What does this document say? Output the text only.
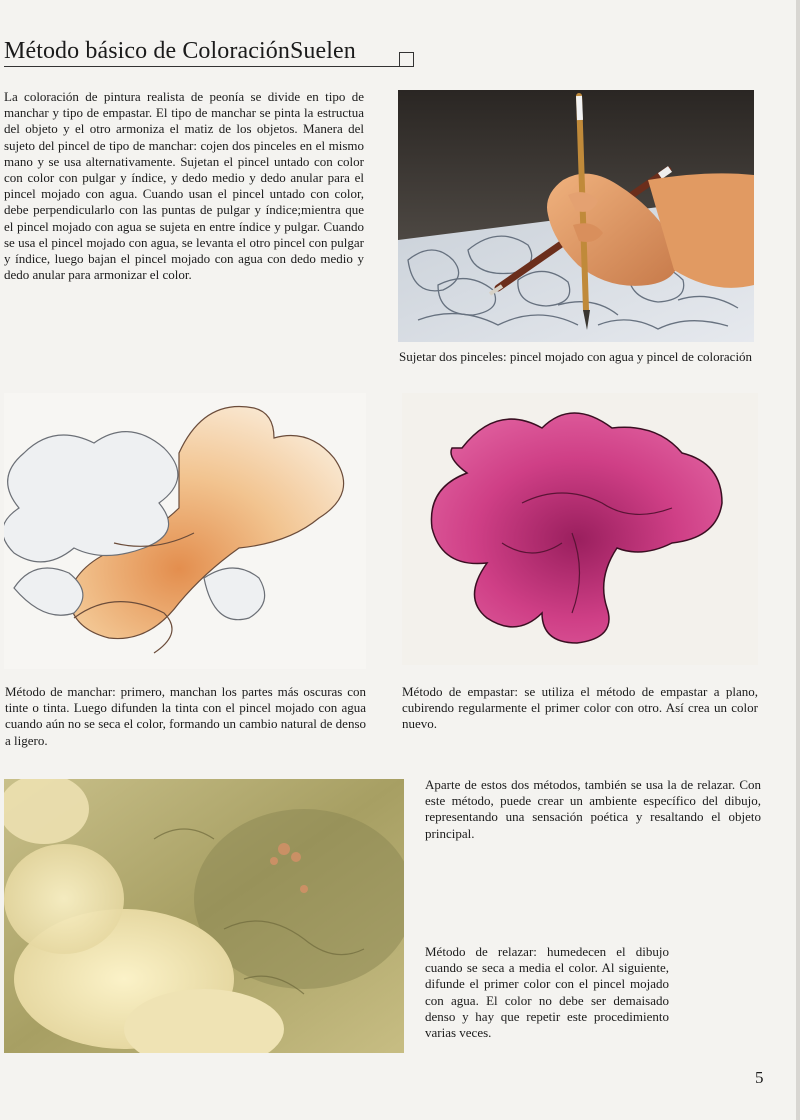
Método básico de ColoraciónSuelen

La coloración de pintura realista de peonía se divide en tipo de manchar y tipo de empastar. El tipo de manchar se pinta la estructua del objeto y el otro armoniza el matiz de los objetos. Manera del sujeto del pincel de tipo de manchar: cojen dos pinceles en el mismo mano y se usa alternativamente. Sujetan el pincel untado con color con color con pulgar y índice, y dedo medio y dedo anular para el pincel mojado con agua. Cuando usan el pincel untado con color, debe perpendicularlo con las puntas de pulgar y índice;mientra que el pincel mojado con agua se sujeta en entre índice y pulgar. Cuando se usa el pincel mojado con agua, se levanta el otro pincel con pulgar y índice, luego bajan el pincel mojado con agua con dedo medio y dedo anular para armonizar el color.

Sujetar dos pinceles: pincel mojado con agua y pincel de coloración

Método de manchar: primero, manchan los partes más oscuras con tinte o tinta. Luego difunden la tinta con el pincel mojado con agua cuando aún no se seca el color, formando un cambio natural de denso a ligero.

Método de empastar: se utiliza el método de empastar a plano, cubirendo regularmente el primer color con otro. Así crea un color nuevo.

Aparte de estos dos métodos, también se usa la de relazar. Con este método, puede crear un ambiente específico del dibujo, representando una sensación poética y resaltando el objeto principal.

Método de relazar: humedecen el dibujo cuando se seca a media el color. Al siguiente, difunde el primer color con el pincel mojado con agua. El color no debe ser demaisado denso y hay que repetir este procedimiento varias veces.

5
